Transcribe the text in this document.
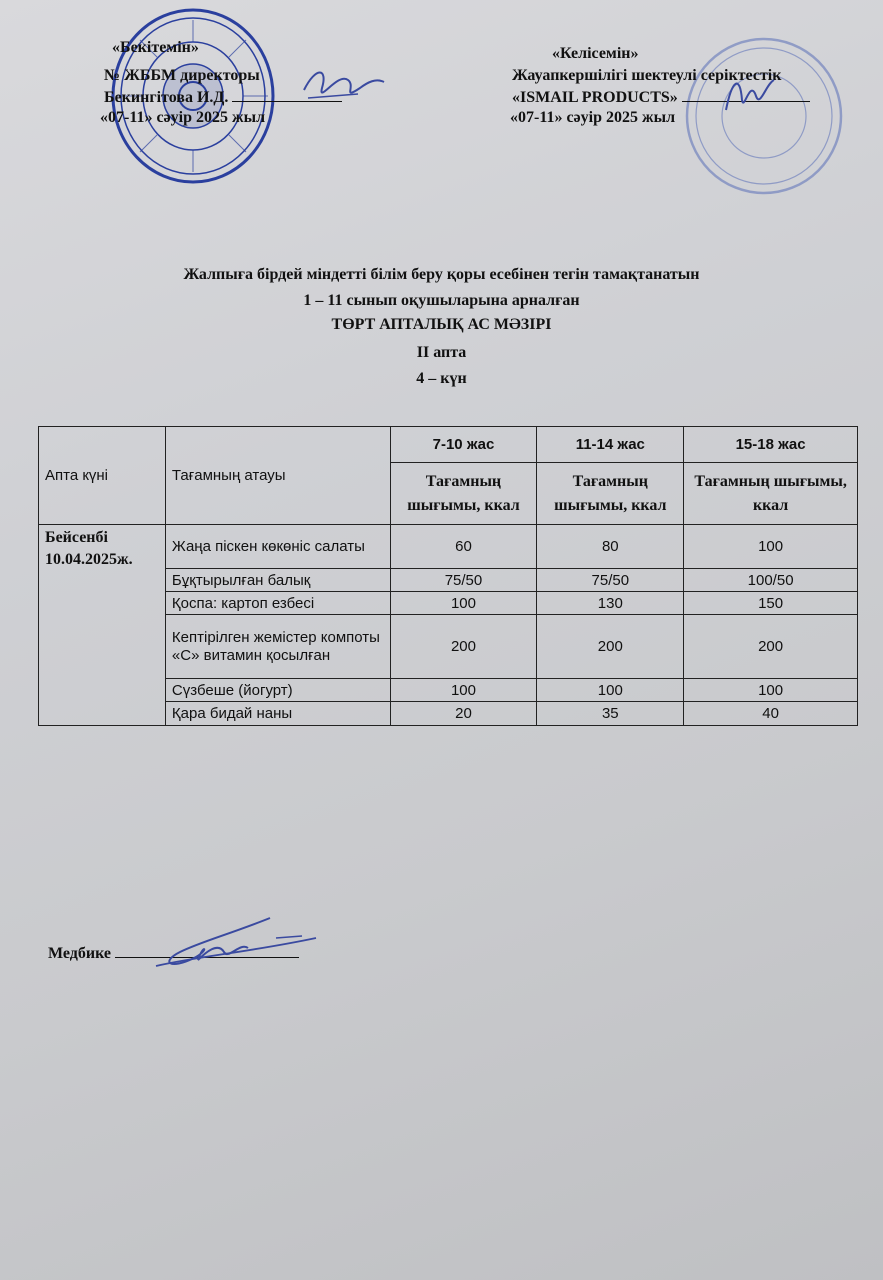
«Бекітемін»
№ ЖББМ директоры
Бекингітова И.Д.
«07-11» сәуір 2025 жыл
«Келісемін»
Жауапкершілігі шектеулі серіктестік
«ISMAIL PRODUCTS»
«07-11» сәуір 2025 жыл
Жалпыға бірдей міндетті білім беру қоры есебінен тегін тамақтанатын
1 – 11 сынып оқушыларына арналған
ТӨРТ АПТАЛЫҚ АС МӘЗІРІ
II апта
4 – күн
Апта күні	Тағамның атауы	7-10 жас	11-14 жас	15-18 жас
		Тағамның шығымы, ккал	Тағамның шығымы, ккал	Тағамның шығымы, ккал

Бейсенбі
10.04.2025ж.	Жаңа піскен көкөніс салаты	60	80	100
	Бұқтырылған балық	75/50	75/50	100/50
	Қоспа: картоп езбесі	100	130	150
	Кептірілген жемістер компоты «С» витамин қосылған	200	200	200
	Сүзбеше (йогурт)	100	100	100
	Қара бидай наны	20	35	40
Медбике
